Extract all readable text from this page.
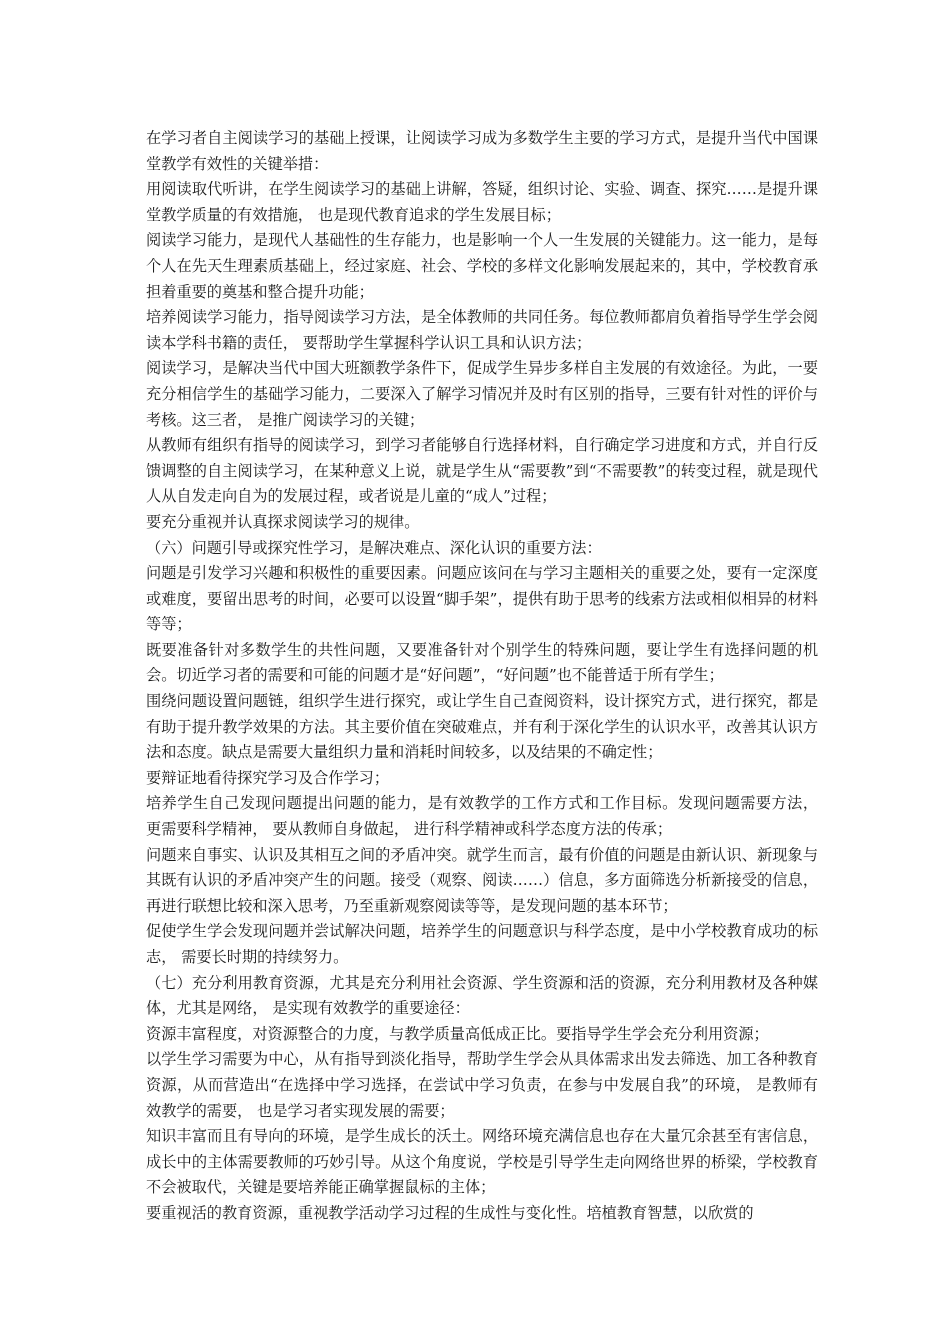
在学习者自主阅读学习的基础上授课，让阅读学习成为多数学生主要的学习方式，是提升当代中国课堂教学有效性的关键举措：

用阅读取代听讲，在学生阅读学习的基础上讲解，答疑，组织讨论、实验、调查、探究……是提升课堂教学质量的有效措施， 也是现代教育追求的学生发展目标；

阅读学习能力，是现代人基础性的生存能力，也是影响一个人一生发展的关键能力。这一能力，是每个人在先天生理素质基础上，经过家庭、社会、学校的多样文化影响发展起来的，其中，学校教育承担着重要的奠基和整合提升功能；

培养阅读学习能力，指导阅读学习方法，是全体教师的共同任务。每位教师都肩负着指导学生学会阅读本学科书籍的责任， 要帮助学生掌握科学认识工具和认识方法；

阅读学习，是解决当代中国大班额教学条件下，促成学生异步多样自主发展的有效途径。为此，一要充分相信学生的基础学习能力，二要深入了解学习情况并及时有区别的指导，三要有针对性的评价与考核。这三者， 是推广阅读学习的关键；

从教师有组织有指导的阅读学习，到学习者能够自行选择材料，自行确定学习进度和方式，并自行反馈调整的自主阅读学习，在某种意义上说，就是学生从“需要教”到“不需要教”的转变过程，就是现代人从自发走向自为的发展过程，或者说是儿童的“成人”过程；

要充分重视并认真探求阅读学习的规律。

（六）问题引导或探究性学习，是解决难点、深化认识的重要方法：

问题是引发学习兴趣和积极性的重要因素。问题应该问在与学习主题相关的重要之处，要有一定深度或难度，要留出思考的时间，必要可以设置“脚手架”，提供有助于思考的线索方法或相似相异的材料等等；

既要准备针对多数学生的共性问题，又要准备针对个别学生的特殊问题，要让学生有选择问题的机会。切近学习者的需要和可能的问题才是“好问题”，“好问题”也不能普适于所有学生；

围绕问题设置问题链，组织学生进行探究，或让学生自己查阅资料，设计探究方式，进行探究，都是有助于提升教学效果的方法。其主要价值在突破难点，并有利于深化学生的认识水平，改善其认识方法和态度。缺点是需要大量组织力量和消耗时间较多，以及结果的不确定性；

要辩证地看待探究学习及合作学习；

培养学生自己发现问题提出问题的能力，是有效教学的工作方式和工作目标。发现问题需要方法， 更需要科学精神， 要从教师自身做起， 进行科学精神或科学态度方法的传承；

问题来自事实、认识及其相互之间的矛盾冲突。就学生而言，最有价值的问题是由新认识、新现象与其既有认识的矛盾冲突产生的问题。接受（观察、阅读……）信息，多方面筛选分析新接受的信息，再进行联想比较和深入思考，乃至重新观察阅读等等，是发现问题的基本环节；

促使学生学会发现问题并尝试解决问题，培养学生的问题意识与科学态度，是中小学校教育成功的标志， 需要长时期的持续努力。

（七）充分利用教育资源，尤其是充分利用社会资源、学生资源和活的资源，充分利用教材及各种媒体，尤其是网络， 是实现有效教学的重要途径：

资源丰富程度，对资源整合的力度，与教学质量高低成正比。要指导学生学会充分利用资源；

以学生学习需要为中心，从有指导到淡化指导，帮助学生学会从具体需求出发去筛选、加工各种教育资源，从而营造出“在选择中学习选择，在尝试中学习负责，在参与中发展自我”的环境， 是教师有效教学的需要， 也是学习者实现发展的需要；

知识丰富而且有导向的环境，是学生成长的沃土。网络环境充满信息也存在大量冗余甚至有害信息，成长中的主体需要教师的巧妙引导。从这个角度说，学校是引导学生走向网络世界的桥梁，学校教育不会被取代，关键是要培养能正确掌握鼠标的主体；

要重视活的教育资源，重视教学活动学习过程的生成性与变化性。培植教育智慧，以欣赏的
